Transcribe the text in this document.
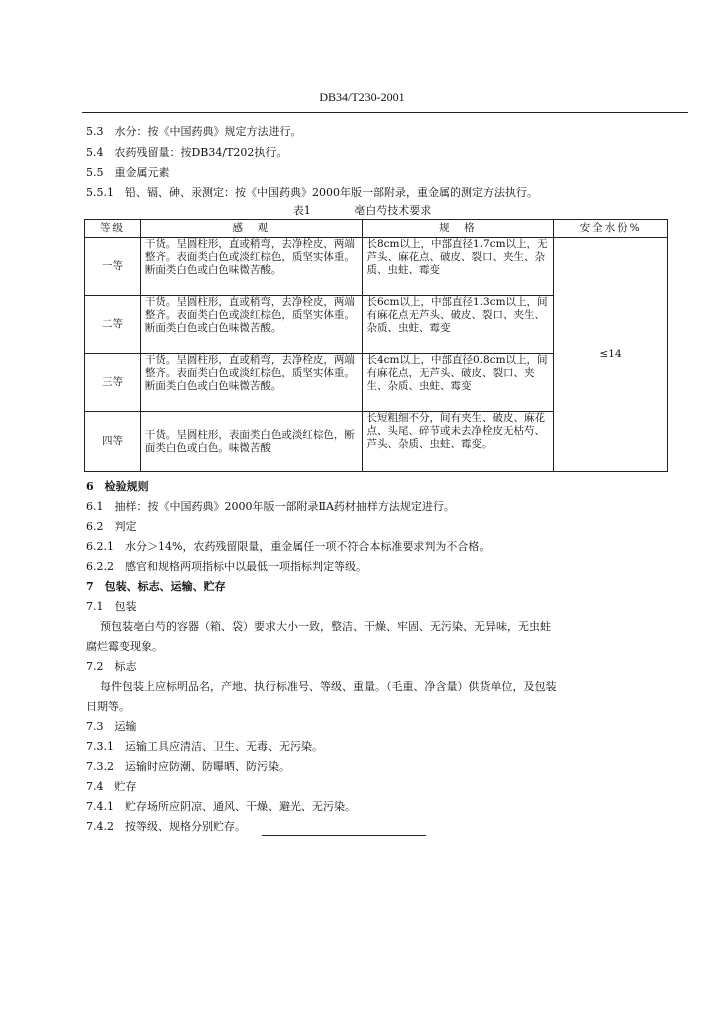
DB34/T230-2001
5.3　水分：按《中国药典》规定方法进行。
5.4　农药残留量：按DB34/T202执行。
5.5　重金属元素
5.5.1　铅、镉、砷、汞测定：按《中国药典》2000年版一部附录，重金属的测定方法执行。
表1	亳白芍技术要求
等级	感　观	规　格	安全水份%
一等	干货。呈圆柱形，直或稍弯，去净栓皮，两端整齐。表面类白色或淡红棕色，质坚实体重。断面类白色或白色味微苦酸。	长8cm以上，中部直径1.7cm以上，无芦头、麻花点、破皮、裂口、夹生、杂质、虫蛀、霉变	≤14
二等	干货。呈圆柱形，直或稍弯，去净栓皮，两端整齐。表面类白色或淡红棕色，质坚实体重。断面类白色或白色味微苦酸。	长6cm以上，中部直径1.3cm以上，间有麻花点无芦头、破皮、裂口、夹生、杂质、虫蛀、霉变	
三等	干货。呈圆柱形，直或稍弯，去净栓皮，两端整齐。表面类白色或淡红棕色，质坚实体重。断面类白色或白色味微苦酸。	长4cm以上，中部直径0.8cm以上，间有麻花点，无芦头、破皮、裂口、夹生、杂质、虫蛀、霉变	
四等	干货。呈圆柱形，表面类白色或淡红棕色，断面类白色或白色。味微苦酸	长短粗细不分，间有夹生、破皮、麻花点、头尾、碎节或未去净栓皮无枯芍、芦头、杂质、虫蛀、霉变。	
6　检验规则
6.1　抽样：按《中国药典》2000年版一部附录ⅡA药材抽样方法规定进行。
6.2　判定
6.2.1　水分＞14%，农药残留限量，重金属任一项不符合本标准要求判为不合格。
6.2.2　感官和规格两项指标中以最低一项指标判定等级。
7　包装、标志、运输、贮存
7.1　包装
预包装亳白芍的容器（箱、袋）要求大小一致，整洁、干燥、牢固、无污染、无异味，无虫蛀
腐烂霉变现象。
7.2　标志
每件包装上应标明品名，产地、执行标准号、等级、重量。（毛重、净含量）供货单位，及包装
日期等。
7.3　运输
7.3.1　运输工具应清洁、卫生、无毒、无污染。
7.3.2　运输时应防潮、防曝晒、防污染。
7.4　贮存
7.4.1　贮存场所应阴凉、通风、干燥、避光、无污染。
7.4.2　按等级、规格分别贮存。
